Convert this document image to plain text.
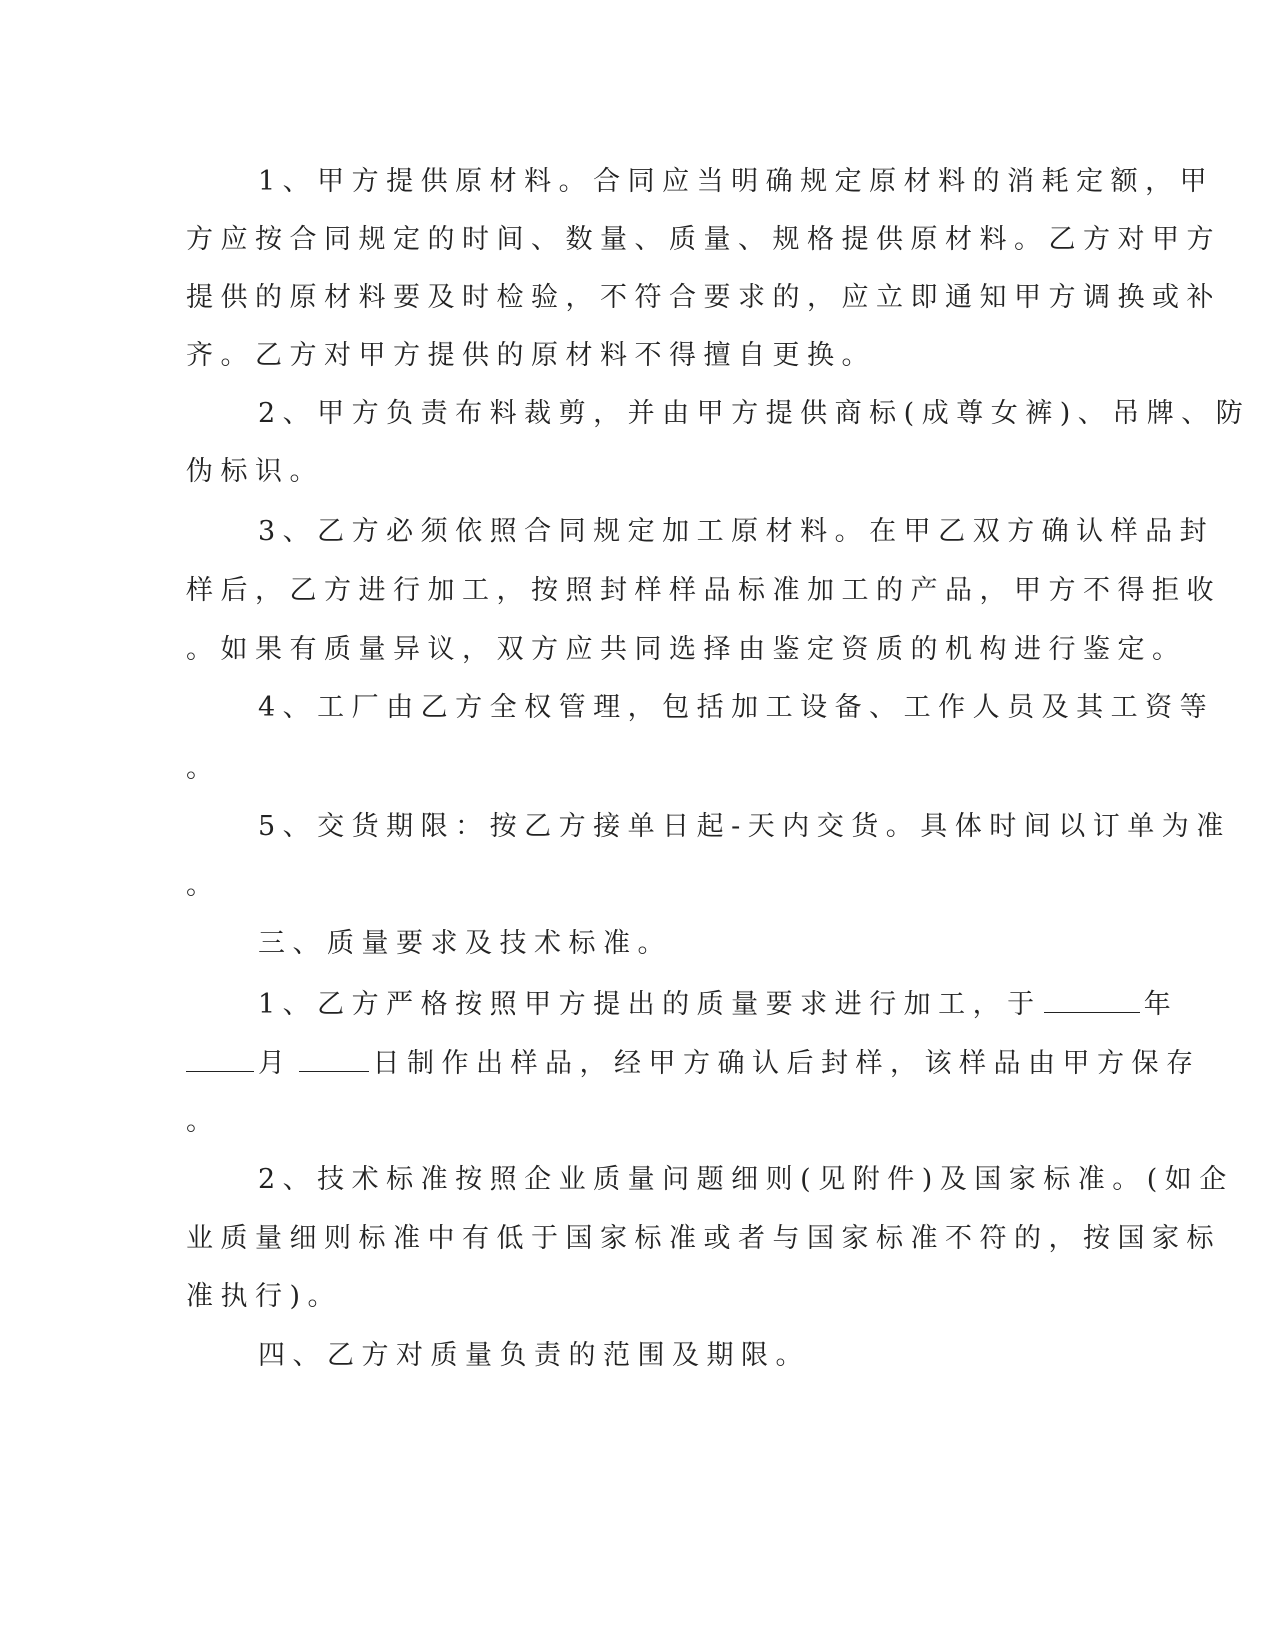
1、甲方提供原材料。合同应当明确规定原材料的消耗定额，甲
方应按合同规定的时间、数量、质量、规格提供原材料。乙方对甲方
提供的原材料要及时检验，不符合要求的，应立即通知甲方调换或补
齐。乙方对甲方提供的原材料不得擅自更换。
2、甲方负责布料裁剪，并由甲方提供商标(成尊女裤)、吊牌、防
伪标识。
3、乙方必须依照合同规定加工原材料。在甲乙双方确认样品封
样后，乙方进行加工，按照封样样品标准加工的产品，甲方不得拒收
。如果有质量异议，双方应共同选择由鉴定资质的机构进行鉴定。
4、工厂由乙方全权管理，包括加工设备、工作人员及其工资等
。
5、交货期限：按乙方接单日起-天内交货。具体时间以订单为准
。
三、质量要求及技术标准。
1、乙方严格按照甲方提出的质量要求进行加工，于	年
月	日制作出样品，经甲方确认后封样，该样品由甲方保存
。
2、技术标准按照企业质量问题细则(见附件)及国家标准。(如企
业质量细则标准中有低于国家标准或者与国家标准不符的，按国家标
准执行)。
四、乙方对质量负责的范围及期限。
